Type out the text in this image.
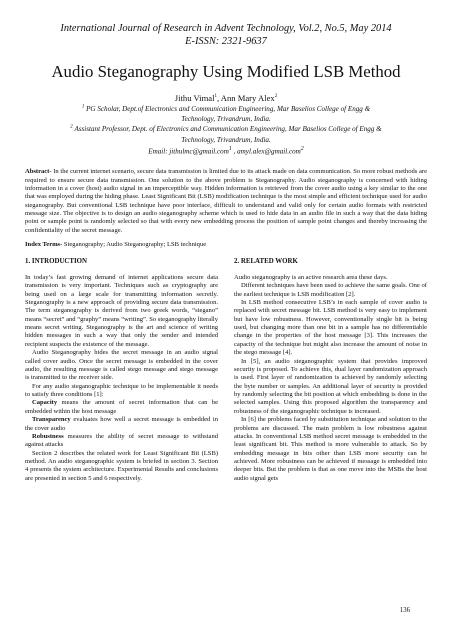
International Journal of Research in Advent Technology, Vol.2, No.5, May 2014
E-ISSN: 2321-9637
Audio Steganography Using Modified LSB Method
Jithu Vimal$^1$, Ann Mary Alex$^2$
$^1$ PG Scholar, Dept.of Electronics and Communication Engineering, Mar Baselios College of Engg &
Technology, Trivandrum, India.
$^2$ Assistant Professor, Dept. of Electronics and Communication Engineering, Mar Baselios College of Engg &
Technology, Trivandrum, India.
Email: jithulmc@gmail.com$^1$ , amyl.alex@gmail.com$^2$
Abstract- In the current internet scenario, secure data transmission is limited due to its attack made on data communication. So more robust methods are required to ensure secure data transmission. One solution to the above problem is Steganography. Audio steganography is concerned with hiding information in a cover (host) audio signal in an imperceptible way. Hidden information is retrieved from the cover audio using a key similar to the one that was employed during the hiding phase. Least Significant Bit (LSB) modification technique is the most simple and efficient technique used for audio steganography. But conventional LSB technique have poor interface, difficult to understand and valid only for certain audio formats with restricted message size. The objective is to design an audio steganography scheme which is used to hide data in an audio file in such a way that the data hiding point or sample point is randomly selected so that with every new embedding process the position of sample point changes and thereby increasing the confidentiality of the secret message.
Index Terms- Steganography; Audio Steganography; LSB technique
1. INTRODUCTION

In today’s fast growing demand of internet applications secure data transmission is very important. Techniques such as cryptography are being used on a large scale for transmitting information secretly. Steganography is a new approach of providing secure data transmission. The term steganography is derived from two greek words, “stegano” means “secret” and “graphy” means “writing”. So steganography literally means secret writing. Steganography is the art and science of writing hidden messages in such a way that only the sender and intended recipient suspects the existence of the message.

Audio Steganography hides the secret message in an audio signal called cover audio. Once the secret message is embedded in the cover audio, the resulting message is called stego message and stego message is transmitted to the receiver side.

For any audio steganographic technique to be implementable it needs to satisfy three conditions [1]:

Capacity means the amount of secret information that can be embedded within the host message

Transparency evaluates how well a secret message is embedded in the cover audio

Robustness measures the ability of secret message to withstand against attacks

Section 2 describes the related work for Least Significant Bit (LSB) method. An audio steganographic system is briefed in section 3. Section 4 presents the system architecture. Experimental Results and conclusions are presented in section 5 and 6 respectively.

2. RELATED WORK

Audio steganography is an active research area these days.

Different techniques have been used to achieve the same goals. One of the earliest technique is LSB modification [2].

In LSB method consecutive LSB’s in each sample of cover audio is replaced with secret message bit. LSB method is very easy to implement but have low robustness. However, conventionally single bit is being used, but changing more than one bit in a sample has no differentiable change in the properties of the host message [3]. This increases the capacity of the technique but might also increase the amount of noise in the stego message [4].

In [5], an audio steganographic system that provides improved security is proposed. To achieve this, dual layer randomization approach is used. First layer of randomization is achieved by randomly selecting the byte number or samples. An additional layer of security is provided by randomly selecting the bit position at which embedding is done in the selected samples. Using this proposed algorithm the transparency and robustness of the steganographic technique is increased.

In [6] the problems faced by substitution technique and solution to the problems are discussed. The main problem is low robustness against attacks. In conventional LSB method secret message is embedded in the least significant bit. This method is more vulnerable to attack. So by embedding message in bits other than LSB more security can be achieved. More robustness can be achieved if message is embedded into deeper bits. But the problem is that as one move into the MSBs the host audio signal gets

136
